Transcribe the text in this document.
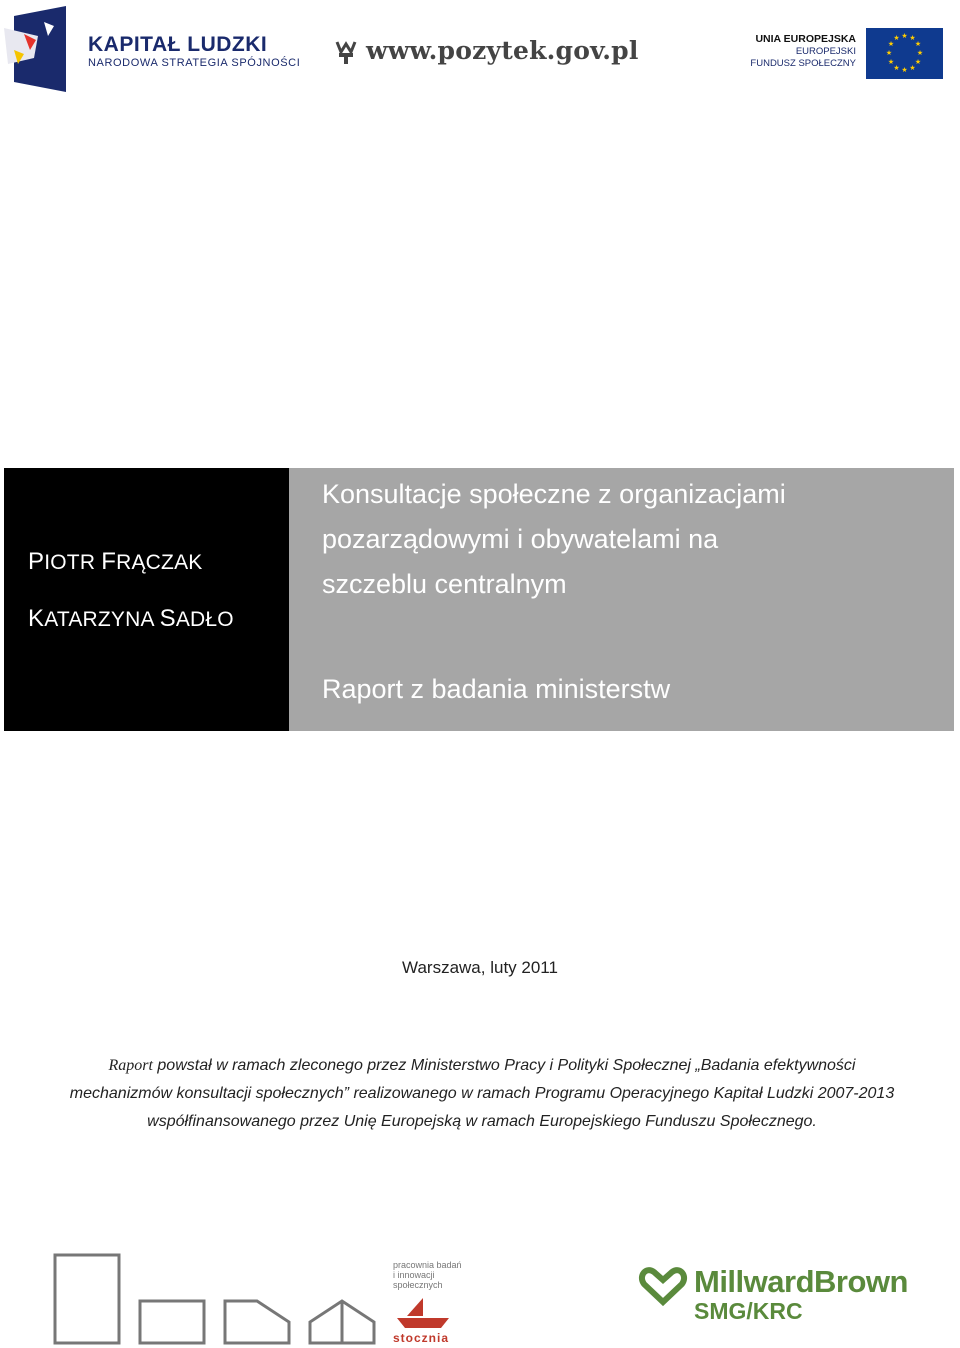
KAPITAŁ LUDZKI
NARODOWA STRATEGIA SPÓJNOŚCI	www.pozytek.gov.pl	UNIA EUROPEJSKA
EUROPEJSKI
FUNDUSZ SPOŁECZNY
★ ★
★
★
★
★
★
★
★
★
★
★
PIOTR FRĄCZAK
KATARZYNA SADŁO
Konsultacje społeczne z organizacjami
pozarządowymi i obywatelami na
szczeblu centralnym
Raport z badania ministerstw
Warszawa, luty 2011
Raport powstał w ramach zleconego przez Ministerstwo Pracy i Polityki Społecznej „Badania efektywności
mechanizmów konsultacji społecznych” realizowanego w ramach Programu Operacyjnego Kapitał Ludzki 2007-2013
współfinansowanego przez Unię Europejską w ramach Europejskiego Funduszu Społecznego.
pracownia badań
i innowacji
społecznych
stocznia
MillwardBrown
SMG/KRC
